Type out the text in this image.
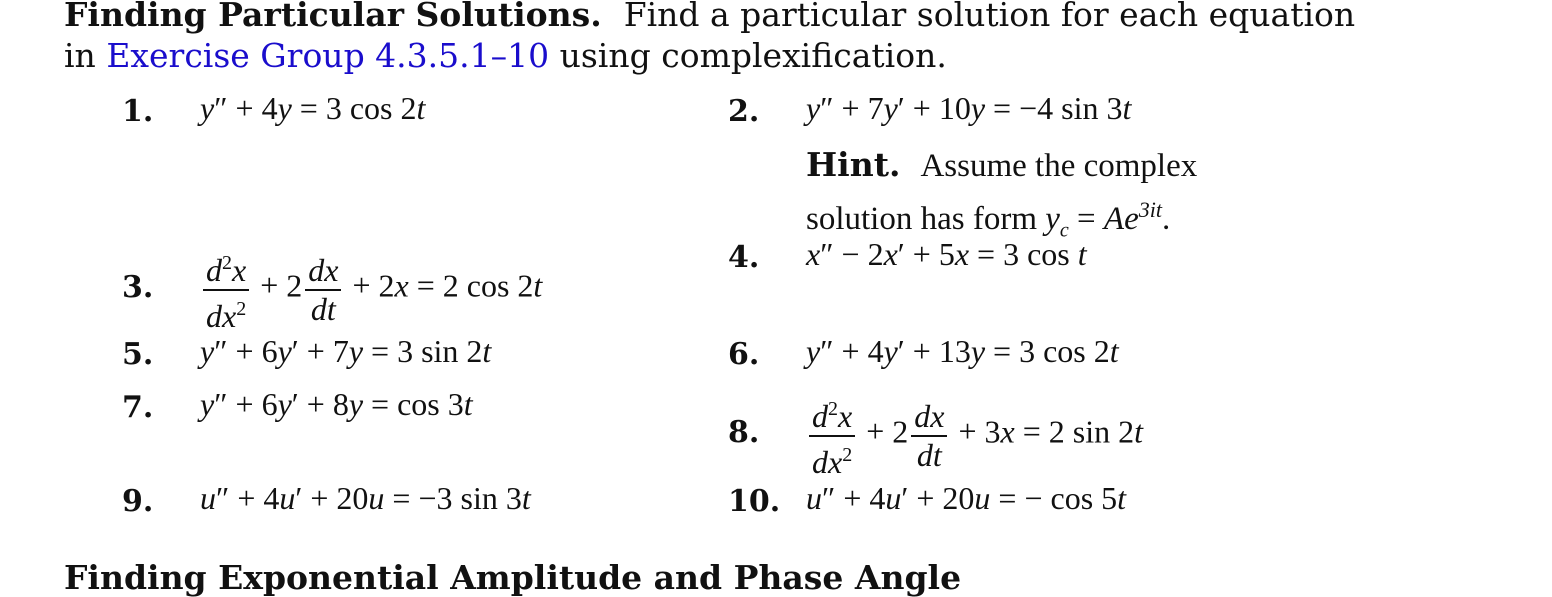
Finding Particular Solutions. Find a particular solution for each equation in Exercise Group 4.3.5.1–10 using complexification.
1. y″ + 4y = 3 cos 2t	2. y″ + 7y′ + 10y = −4 sin 3t
Hint. Assume the complex
solution has form $y_c = Ae^{3it}$.
3. $\frac{d^2x}{dx^2} + 2 \frac{dx}{dt} + 2x = 2$ cos 2t
4. x″ − 2x′ + 5x = 3 cos t
5. y″ + 6y′ + 7y = 3 sin 2t	6. y″ + 4y′ + 13y = 3 cos 2t
7. y″ + 6y′ + 8y = cos 3t
8. $\frac{d^2x}{dx^2} + 2 \frac{dx}{dt} + 3x = 2$ sin 2t
9. u″ + 4u′ + 20u = −3 sin 3t	10. u″ + 4u′ + 20u = − cos 5t
Finding Exponential Amplitude and Phase Angle
